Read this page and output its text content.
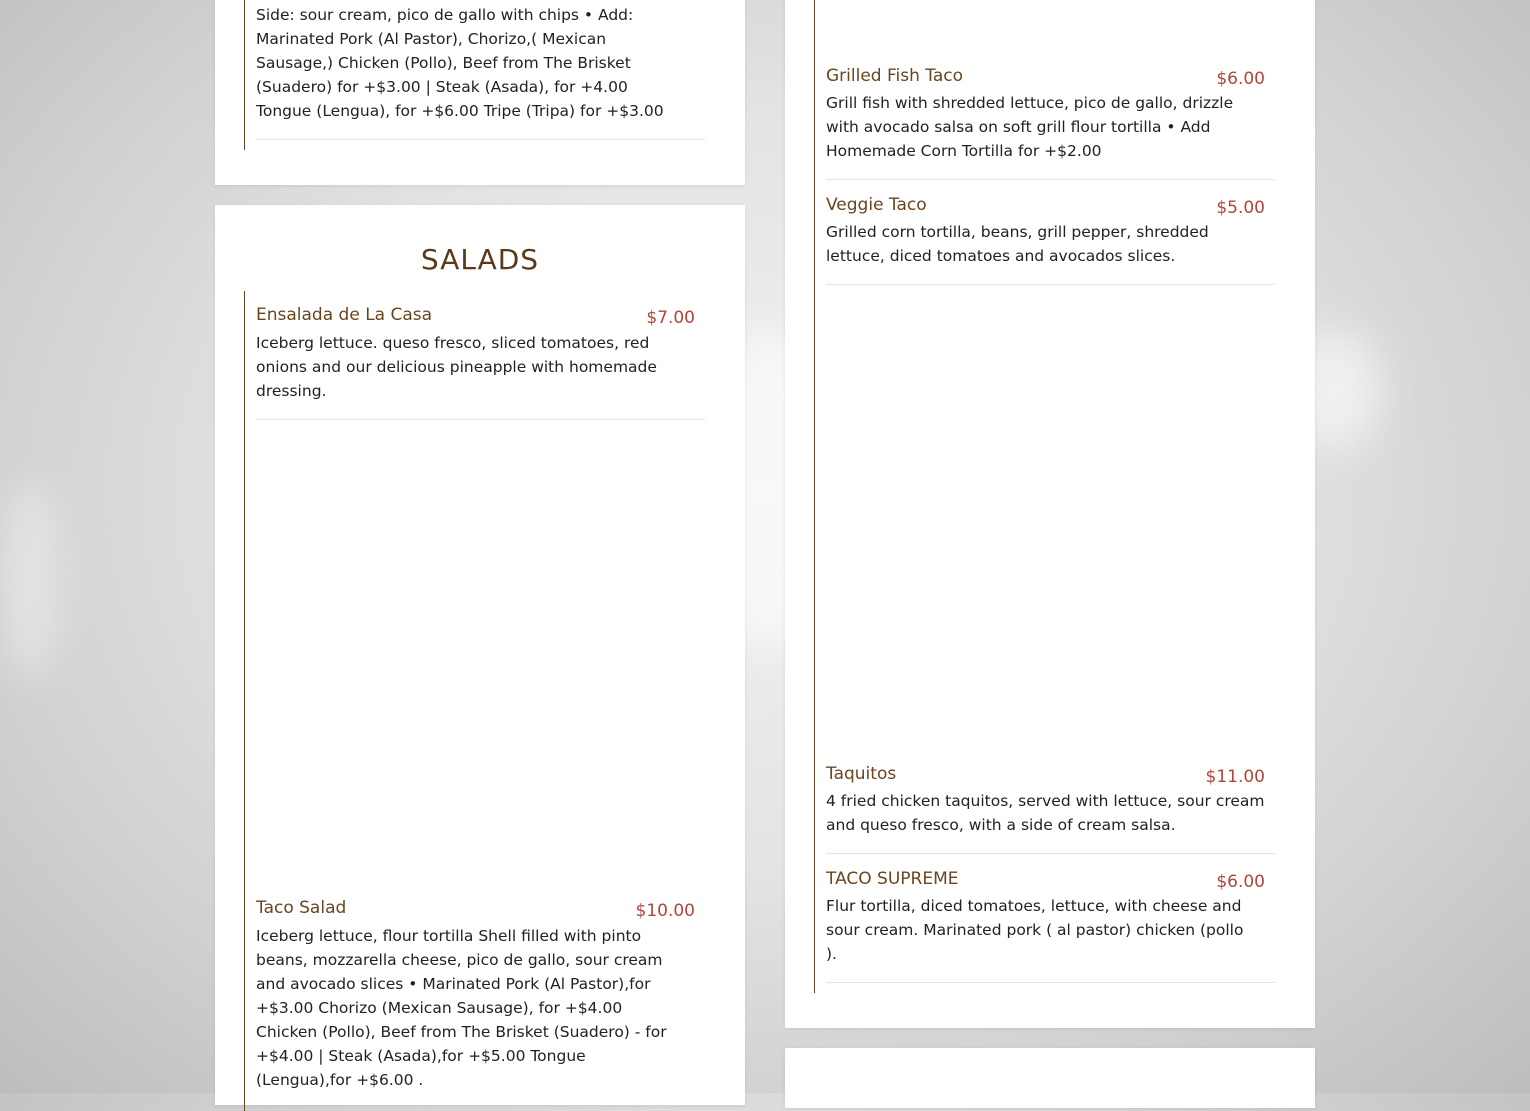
Side: sour cream, pico de gallo with chips • Add: Marinated Pork (Al Pastor), Chorizo,( Mexican Sausage,) Chicken (Pollo), Beef from The Brisket (Suadero) for +$3.00 | Steak (Asada), for +4.00 Tongue (Lengua), for +$6.00 Tripe (Tripa) for +$3.00
SALADS
Ensalada de La Casa	$7.00
Iceberg lettuce. queso fresco, sliced tomatoes, red onions and our delicious pineapple with homemade dressing.
Taco Salad	$10.00
Iceberg lettuce, flour tortilla Shell filled with pinto beans, mozzarella cheese, pico de gallo, sour cream and avocado slices • Marinated Pork (Al Pastor),for +$3.00 Chorizo (Mexican Sausage), for +$4.00 Chicken (Pollo), Beef from The Brisket (Suadero) - for +$4.00 | Steak (Asada),for +$5.00 Tongue (Lengua),for +$6.00 .
Grilled Fish Taco	$6.00
Grill fish with shredded lettuce, pico de gallo, drizzle with avocado salsa on soft grill flour tortilla • Add Homemade Corn Tortilla for +$2.00
Veggie Taco	$5.00
Grilled corn tortilla, beans, grill pepper, shredded lettuce, diced tomatoes and avocados slices.
Taquitos	$11.00
4 fried chicken taquitos, served with lettuce, sour cream and queso fresco, with a side of cream salsa.
TACO SUPREME	$6.00
Flur tortilla, diced tomatoes, lettuce, with cheese and sour cream. Marinated pork ( al pastor) chicken (pollo ).
